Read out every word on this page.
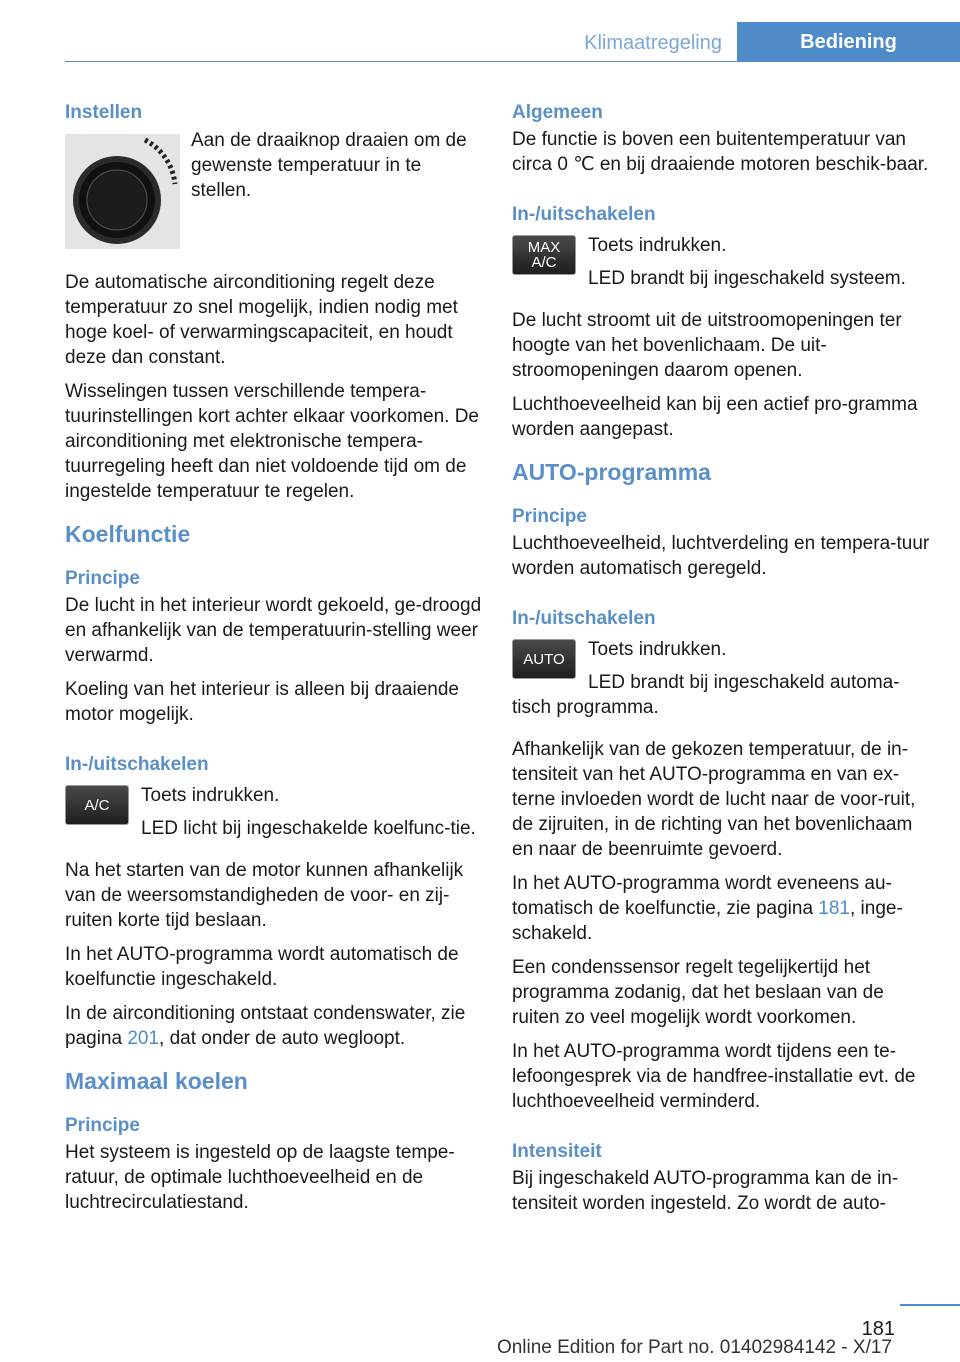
Klimaatregeling	Bediening
Instellen

Aan de draaiknop draaien om de gewenste temperatuur in te stellen.

De automatische airconditioning regelt deze temperatuur zo snel mogelijk, indien nodig met hoge koel- of verwarmingscapaciteit, en houdt deze dan constant.

Wisselingen tussen verschillende tempera‐tuurinstellingen kort achter elkaar voorkomen. De airconditioning met elektronische tempera‐tuurregeling heeft dan niet voldoende tijd om de ingestelde temperatuur te regelen.

Koelfunctie
Principe

De lucht in het interieur wordt gekoeld, ge‐droogd en afhankelijk van de temperatuurin‐stelling weer verwarmd.

Koeling van het interieur is alleen bij draaiende motor mogelijk.

In-/uitschakelen
A/C	Toets indrukken.

LED licht bij ingeschakelde koelfunc‐tie.

Na het starten van de motor kunnen afhankelijk van de weersomstandigheden de voor- en zij‐ruiten korte tijd beslaan.

In het AUTO-programma wordt automatisch de koelfunctie ingeschakeld.

In de airconditioning ontstaat condenswater, zie pagina 201, dat onder de auto wegloopt.

Maximaal koelen
Principe

Het systeem is ingesteld op de laagste tempe‐ratuur, de optimale luchthoeveelheid en de luchtrecirculatiestand.

Algemeen

De functie is boven een buitentemperatuur van circa 0 ℃ en bij draaiende motoren beschik‐baar.

In-/uitschakelen
MAX
A/C

Toets indrukken.

LED brandt bij ingeschakeld systeem.

De lucht stroomt uit de uitstroomopeningen ter hoogte van het bovenlichaam. De uit‐stroomopeningen daarom openen.

Luchthoeveelheid kan bij een actief pro‐gramma worden aangepast.

AUTO-programma
Principe

Luchthoeveelheid, luchtverdeling en tempera‐tuur worden automatisch geregeld.

In-/uitschakelen
AUTO	Toets indrukken.

LED brandt bij ingeschakeld automa‐tisch programma.

Afhankelijk van de gekozen temperatuur, de in‐tensiteit van het AUTO-programma en van ex‐terne invloeden wordt de lucht naar de voor‐ruit, de zijruiten, in de richting van het bovenlichaam en naar de beenruimte gevoerd.

In het AUTO-programma wordt eveneens au‐tomatisch de koelfunctie, zie pagina 181, inge‐schakeld.

Een condenssensor regelt tegelijkertijd het programma zodanig, dat het beslaan van de ruiten zo veel mogelijk wordt voorkomen.

In het AUTO-programma wordt tijdens een te‐lefoongesprek via de handfree-installatie evt. de luchthoeveelheid verminderd.

Intensiteit

Bij ingeschakeld AUTO-programma kan de in‐tensiteit worden ingesteld. Zo wordt de auto‐

181
Online Edition for Part no. 01402984142 - X/17
